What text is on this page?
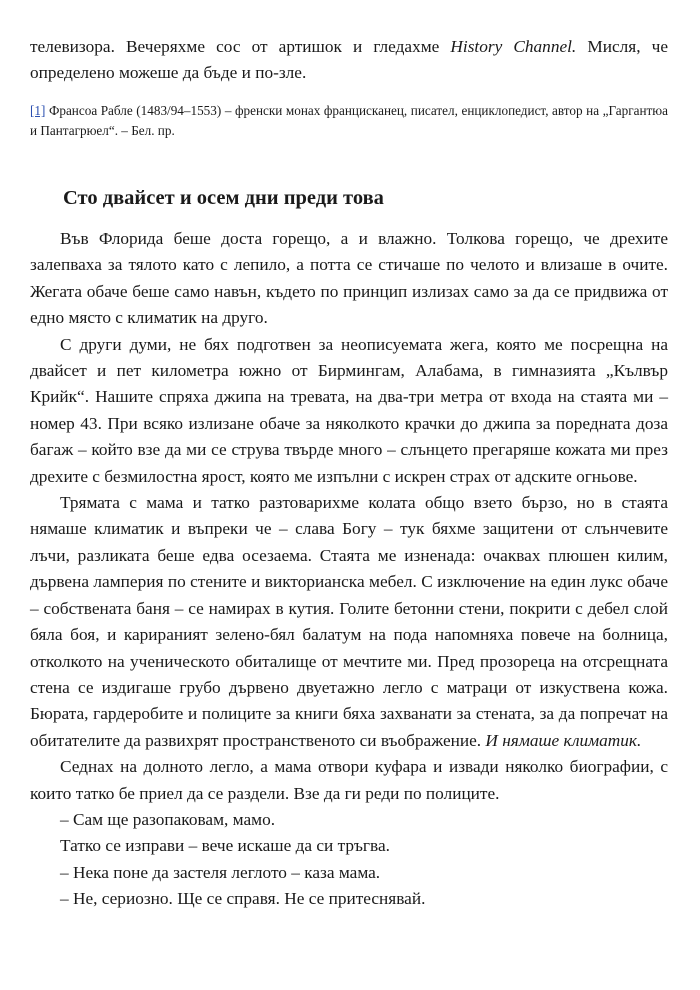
телевизора. Вечеряхме сос от артишок и гледахме History Channel. Мисля, че определено можеше да бъде и по-зле.

[1] Франсоа Рабле (1483/94–1553) – френски монах францисканец, писател, енциклопедист, автор на „Гаргантюа и Пантагрюел“. – Бел. пр.
Сто двайсет и осем дни преди това

Във Флорида беше доста горещо, а и влажно. Толкова горещо, че дрехите залепваха за тялото като с лепило, а потта се стичаше по челото и влизаше в очите. Жегата обаче беше само навън, където по принцип излизах само за да се придвижа от едно място с климатик на друго.

С други думи, не бях подготвен за неописуемата жега, която ме посрещна на двайсет и пет километра южно от Бирмингам, Алабама, в гимназията „Кълвър Крийк“. Нашите спряха джипа на тревата, на два-три метра от входа на стаята ми – номер 43. При всяко излизане обаче за няколкото крачки до джипа за поредната доза багаж – който взе да ми се струва твърде много – слънцето прегаряше кожата ми през дрехите с безмилостна ярост, която ме изпълни с искрен страх от адските огньове.

Трямата с мама и татко разтоварихме колата общо взето бързо, но в стаята нямаше климатик и въпреки че – слава Богу – тук бяхме защитени от слънчевите лъчи, разликата беше едва осезаема. Стаята ме изненада: очаквах плюшен килим, дървена ламперия по стените и викторианска мебел. С изключение на един лукс обаче – собствената баня – се намирах в кутия. Голите бетонни стени, покрити с дебел слой бяла боя, и карираният зелено-бял балатум на пода напомняха повече на болница, отколкото на ученическото обиталище от мечтите ми. Пред прозореца на отсрещната стена се издигаше грубо дървено двуетажно легло с матраци от изкуствена кожа. Бюрата, гардеробите и полиците за книги бяха захванати за стената, за да попречат на обитателите да развихрят пространственото си въображение. И нямаше климатик.

Седнах на долното легло, а мама отвори куфара и извади няколко биографии, с които татко бе приел да се раздели. Взе да ги реди по полиците.

– Сам ще разопаковам, мамо.

Татко се изправи – вече искаше да си тръгва.

– Нека поне да застеля леглото – каза мама.

– Не, сериозно. Ще се справя. Не се притеснявай.
